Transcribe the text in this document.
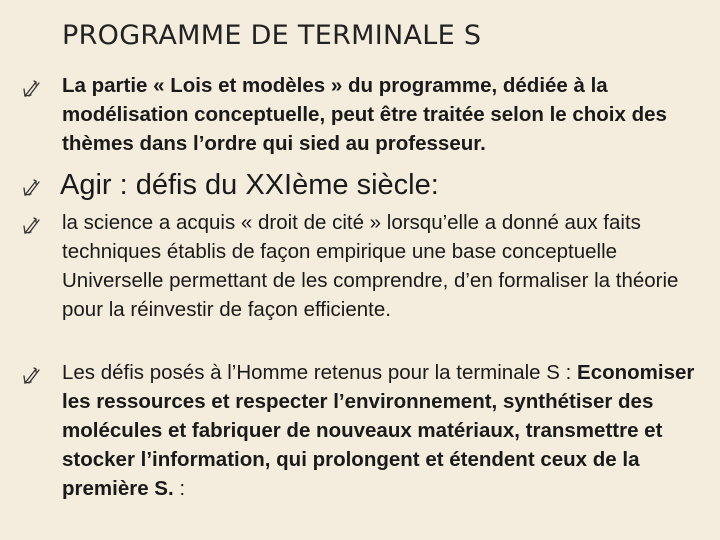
PROGRAMME DE TERMINALE S
La partie « Lois et modèles » du programme, dédiée à la modélisation conceptuelle, peut être traitée selon le choix des thèmes dans l’ordre qui sied au professeur.
Agir : défis du XXIème siècle:
la science a acquis « droit de cité » lorsqu’elle a donné aux faits techniques établis de façon empirique une base conceptuelle Universelle permettant de les comprendre, d’en formaliser la théorie pour la réinvestir de façon efficiente.
Les défis posés à l’Homme retenus pour la terminale S : Economiser les ressources et respecter l’environnement, synthétiser des molécules et fabriquer de nouveaux matériaux, transmettre et stocker l’information, qui prolongent et étendent ceux de la première S. :
